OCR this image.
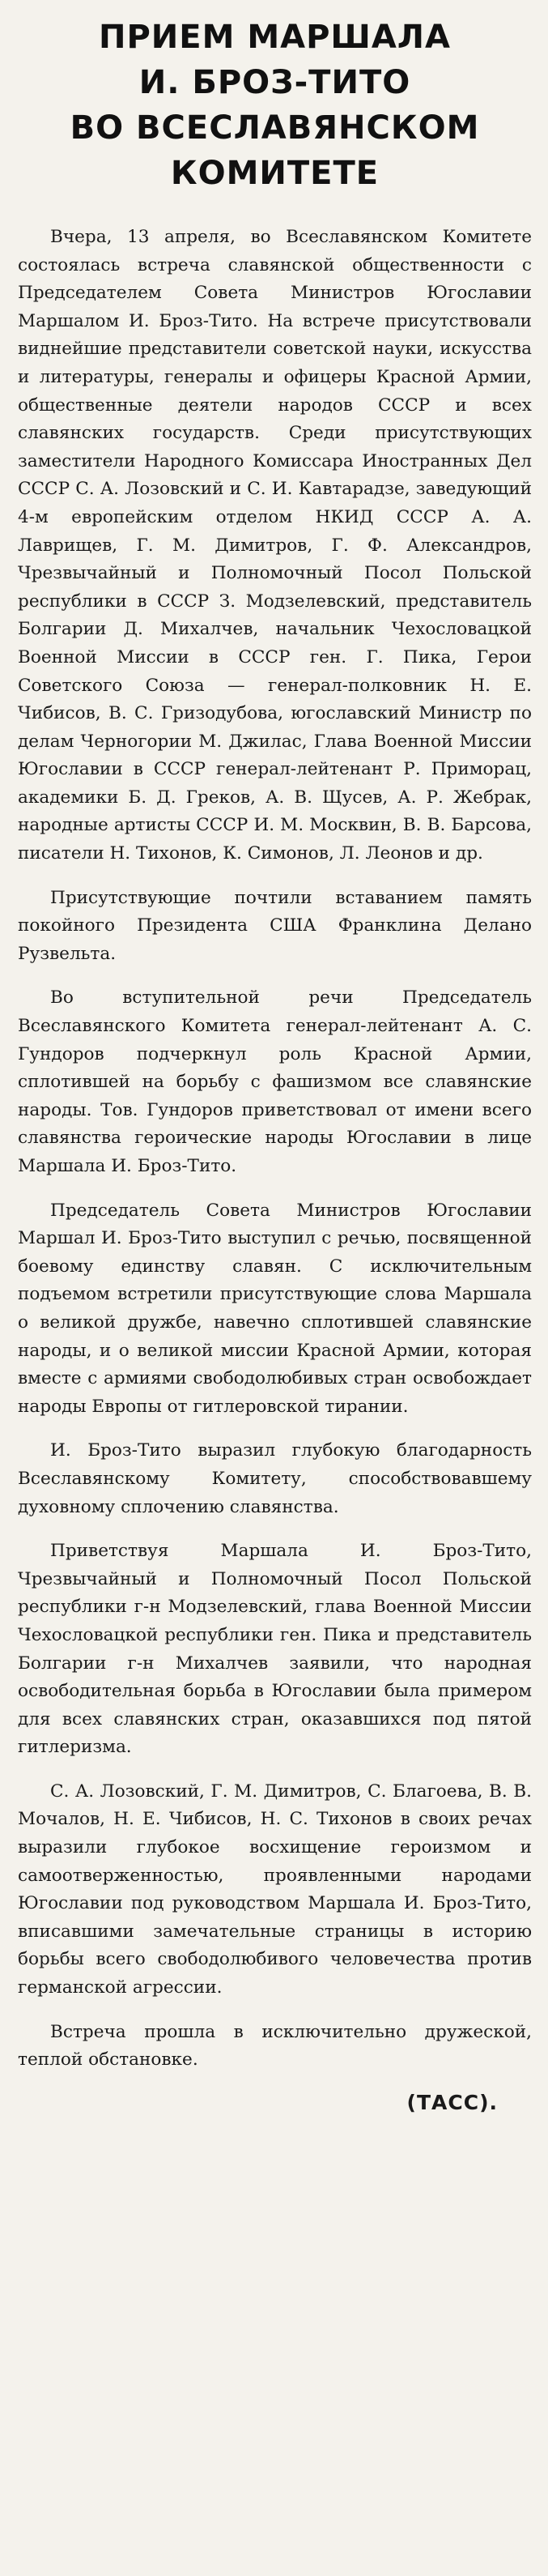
ПРИЕМ МАРШАЛА
И. БРОЗ-ТИТО
ВО ВСЕСЛАВЯНСКОМ
КОМИТЕТЕ

Вчера, 13 апреля, во Всеславянском Комитете состоялась встреча славянской общественности с Председателем Совета Министров Югославии Маршалом И. Броз-Тито. На встрече присутствовали виднейшие представители советской науки, искусства и литературы, генералы и офицеры Красной Армии, общественные деятели народов СССР и всех славянских государств. Среди присутствующих заместители Народного Комиссара Иностранных Дел СССР С. А. Лозовский и С. И. Кавтарадзе, заведующий 4-м европейским отделом НКИД СССР А. А. Лаврищев, Г. М. Димитров, Г. Ф. Александров, Чрезвычайный и Полномочный Посол Польской республики в СССР З. Модзелевский, представитель Болгарии Д. Михалчев, начальник Чехословацкой Военной Миссии в СССР ген. Г. Пика, Герои Советского Союза — генерал-полковник Н. Е. Чибисов, В. С. Гризодубова, югославский Министр по делам Черногории М. Джилас, Глава Военной Миссии Югославии в СССР генерал-лейтенант Р. Приморац, академики Б. Д. Греков, А. В. Щусев, А. Р. Жебрак, народные артисты СССР И. М. Москвин, В. В. Барсова, писатели Н. Тихонов, К. Симонов, Л. Леонов и др.

Присутствующие почтили вставанием память покойного Президента США Франклина Делано Рузвельта.

Во вступительной речи Председатель Всеславянского Комитета генерал-лейтенант А. С. Гундоров подчеркнул роль Красной Армии, сплотившей на борьбу с фашизмом все славянские народы. Тов. Гундоров приветствовал от имени всего славянства героические народы Югославии в лице Маршала И. Броз-Тито.

Председатель Совета Министров Югославии Маршал И. Броз-Тито выступил с речью, посвященной боевому единству славян. С исключительным подъемом встретили присутствующие слова Маршала о великой дружбе, навечно сплотившей славянские народы, и о великой миссии Красной Армии, которая вместе с армиями свободолюбивых стран освобождает народы Европы от гитлеровской тирании.

И. Броз-Тито выразил глубокую благодарность Всеславянскому Комитету, способствовавшему духовному сплочению славянства.

Приветствуя Маршала И. Броз-Тито, Чрезвычайный и Полномочный Посол Польской республики г-н Модзелевский, глава Военной Миссии Чехословацкой республики ген. Пика и представитель Болгарии г-н Михалчев заявили, что народная освободительная борьба в Югославии была примером для всех славянских стран, оказавшихся под пятой гитлеризма.

С. А. Лозовский, Г. М. Димитров, С. Благоева, В. В. Мочалов, Н. Е. Чибисов, Н. С. Тихонов в своих речах выразили глубокое восхищение героизмом и самоотверженностью, проявленными народами Югославии под руководством Маршала И. Броз-Тито, вписавшими замечательные страницы в историю борьбы всего свободолюбивого человечества против германской агрессии.

Встреча прошла в исключительно дружеской, теплой обстановке.

(ТАСС).
